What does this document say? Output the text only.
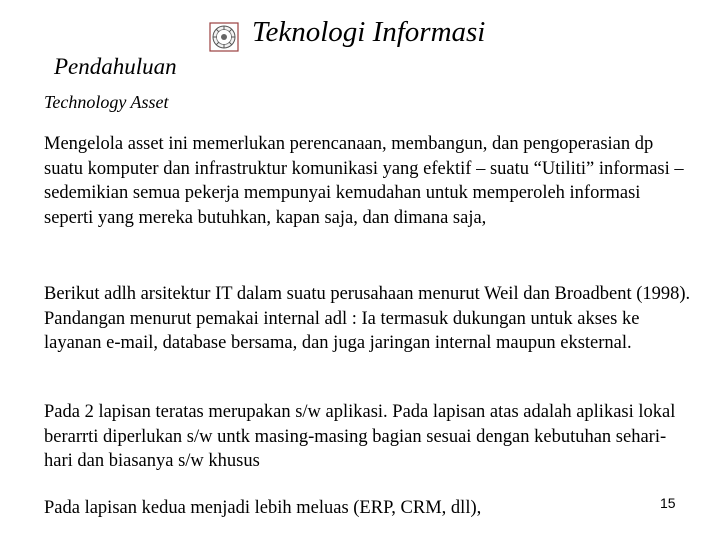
Teknologi Informasi
Pendahuluan
Technology Asset

Mengelola asset ini memerlukan perencanaan, membangun, dan pengoperasian dp suatu komputer dan infrastruktur komunikasi yang efektif – suatu “Utiliti” informasi – sedemikian semua pekerja mempunyai kemudahan untuk memperoleh informasi seperti yang mereka butuhkan, kapan saja, dan dimana saja,

Berikut adlh arsitektur IT dalam suatu perusahaan menurut Weil dan Broadbent (1998). Pandangan menurut pemakai internal adl : Ia termasuk dukungan untuk akses ke layanan e-mail, database bersama, dan juga jaringan internal maupun eksternal.

Pada 2 lapisan teratas merupakan s/w aplikasi. Pada lapisan atas adalah aplikasi lokal berarrti diperlukan s/w untk masing-masing bagian sesuai dengan kebutuhan sehari-hari dan biasanya s/w khusus

Pada lapisan kedua menjadi lebih meluas (ERP, CRM, dll),	15
